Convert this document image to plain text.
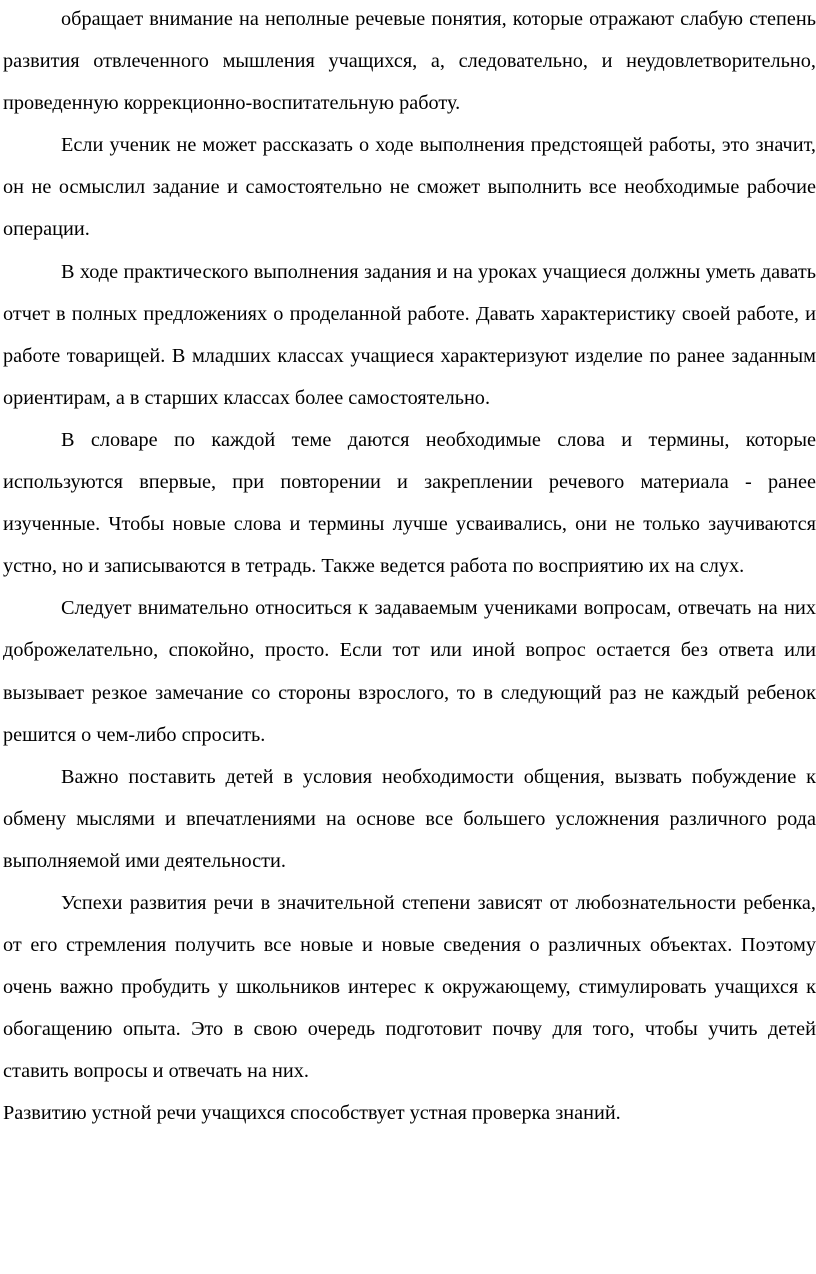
обращает внимание на неполные речевые понятия, которые отражают слабую степень развития отвлеченного мышления учащихся, а, следовательно, и неудовлетворительно, проведенную коррекционно-воспитательную работу.

Если ученик не может рассказать о ходе выполнения предстоящей работы, это значит, он не осмыслил задание и самостоятельно не сможет выполнить все необходимые рабочие операции.

В ходе практического выполнения задания и на уроках учащиеся должны уметь давать отчет в полных предложениях о проделанной работе. Давать характеристику своей работе, и работе товарищей. В младших классах учащиеся характеризуют изделие по ранее заданным ориентирам, а в старших классах более самостоятельно.

В словаре по каждой теме даются необходимые слова и термины, которые используются впервые, при повторении и закреплении речевого материала - ранее изученные. Чтобы новые слова и термины лучше усваивались, они не только заучиваются устно, но и записываются в тетрадь. Также ведется работа по восприятию их на слух.

Следует внимательно относиться к задаваемым учениками вопросам, отвечать на них доброжелательно, спокойно, просто. Если тот или иной вопрос остается без ответа или вызывает резкое замечание со стороны взрослого, то в следующий раз не каждый ребенок решится о чем-либо спросить.

Важно поставить детей в условия необходимости общения, вызвать побуждение к обмену мыслями и впечатлениями на основе все большего усложнения различного рода выполняемой ими деятельности.

Успехи развития речи в значительной степени зависят от любознательности ребенка, от его стремления получить все новые и новые сведения о различных объектах. Поэтому очень важно пробудить у школьников интерес к окружающему, стимулировать учащихся к обогащению опыта. Это в свою очередь подготовит почву для того, чтобы учить детей ставить вопросы и отвечать на них.

Развитию устной речи учащихся способствует устная проверка знаний.
